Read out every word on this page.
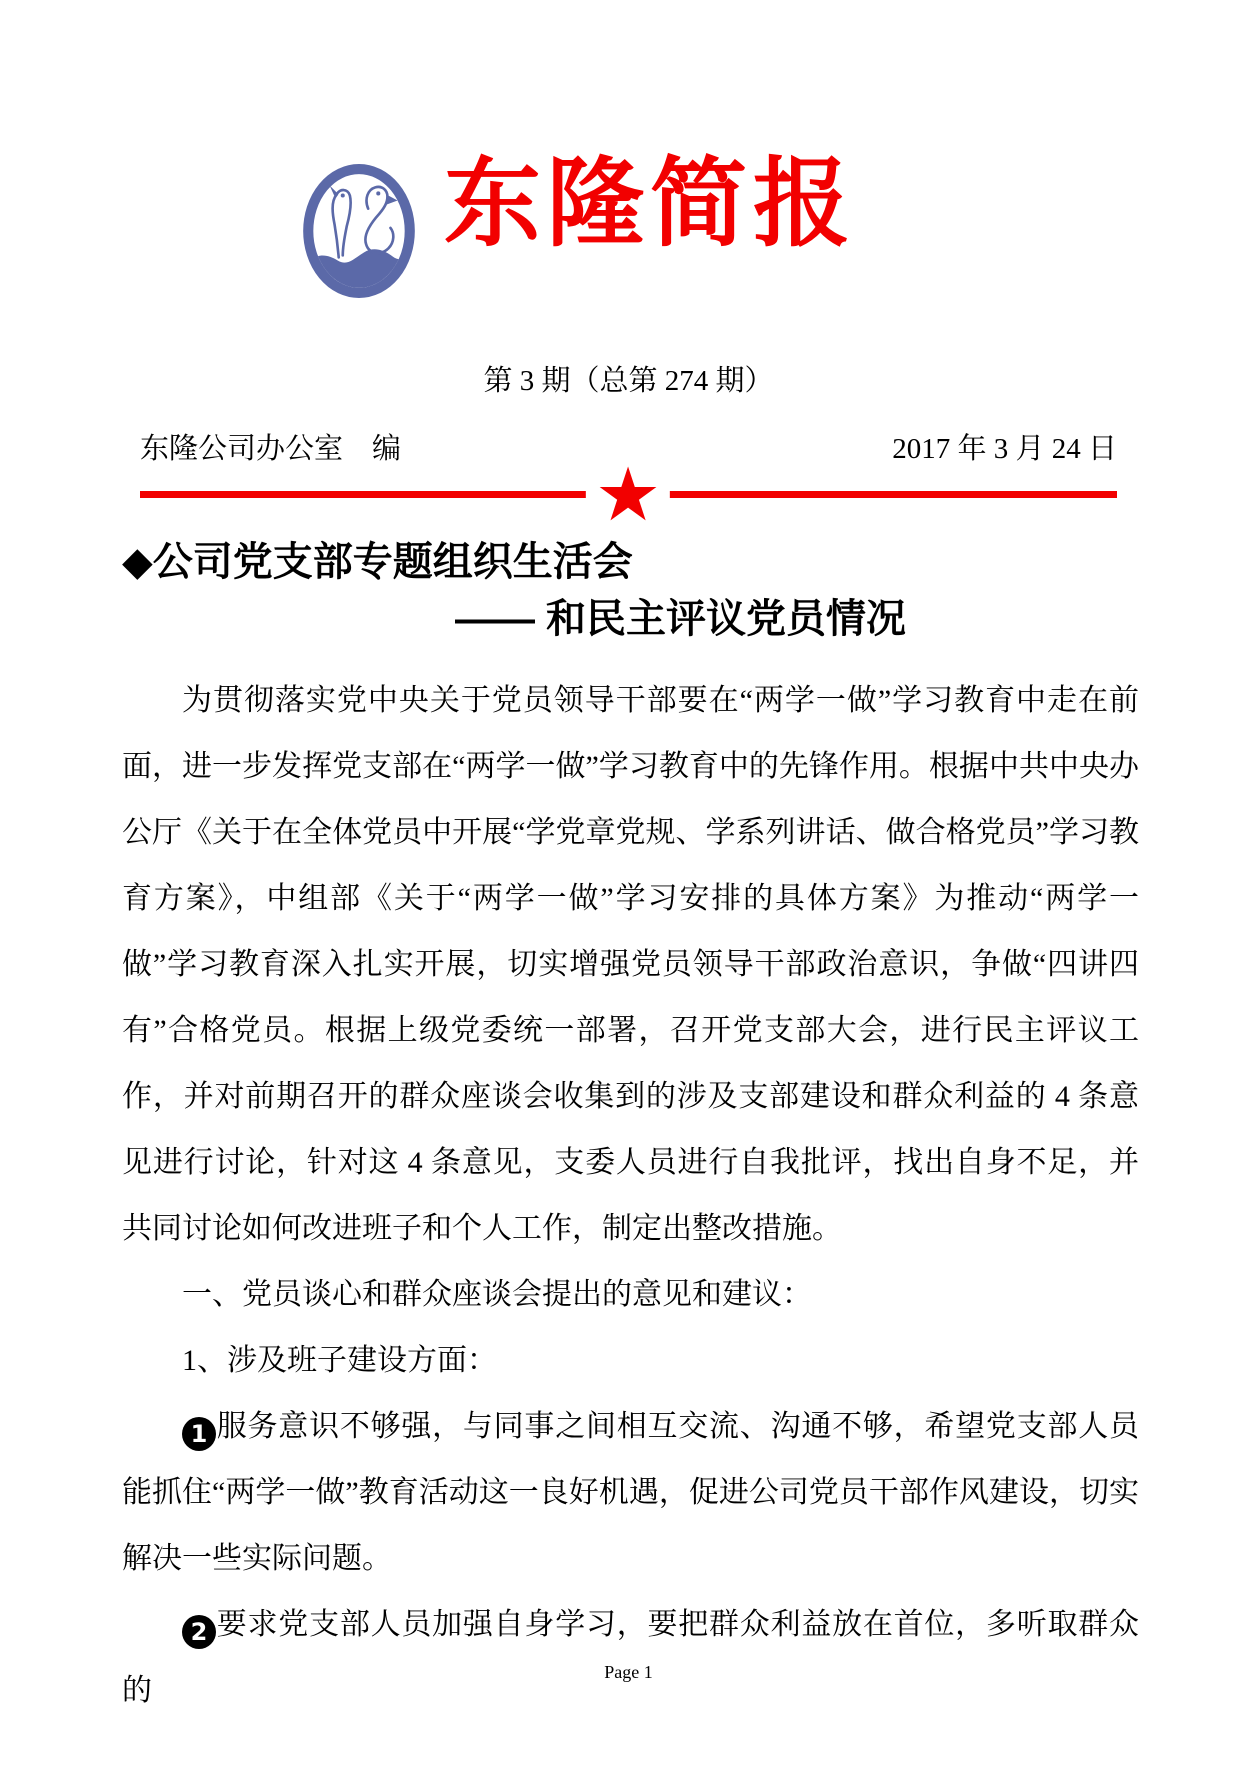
东隆简报
第 3 期（总第 274 期）
东隆公司办公室　编	2017 年 3 月 24 日
★

◆公司党支部专题组织生活会

—— 和民主评议党员情况

为贯彻落实党中央关于党员领导干部要在“两学一做”学习教育中走在前面，进一步发挥党支部在“两学一做”学习教育中的先锋作用。根据中共中央办公厅《关于在全体党员中开展“学党章党规、学系列讲话、做合格党员”学习教育方案》，中组部《关于“两学一做”学习安排的具体方案》为推动“两学一做”学习教育深入扎实开展，切实增强党员领导干部政治意识，争做“四讲四有”合格党员。根据上级党委统一部署，召开党支部大会，进行民主评议工作，并对前期召开的群众座谈会收集到的涉及支部建设和群众利益的 4 条意见进行讨论，针对这 4 条意见，支委人员进行自我批评，找出自身不足，并共同讨论如何改进班子和个人工作，制定出整改措施。

一、党员谈心和群众座谈会提出的意见和建议：

1、涉及班子建设方面：

1 服务意识不够强，与同事之间相互交流、沟通不够，希望党支部人员能抓住“两学一做”教育活动这一良好机遇，促进公司党员干部作风建设，切实解决一些实际问题。

2 要求党支部人员加强自身学习，要把群众利益放在首位，多听取群众的

Page 1
